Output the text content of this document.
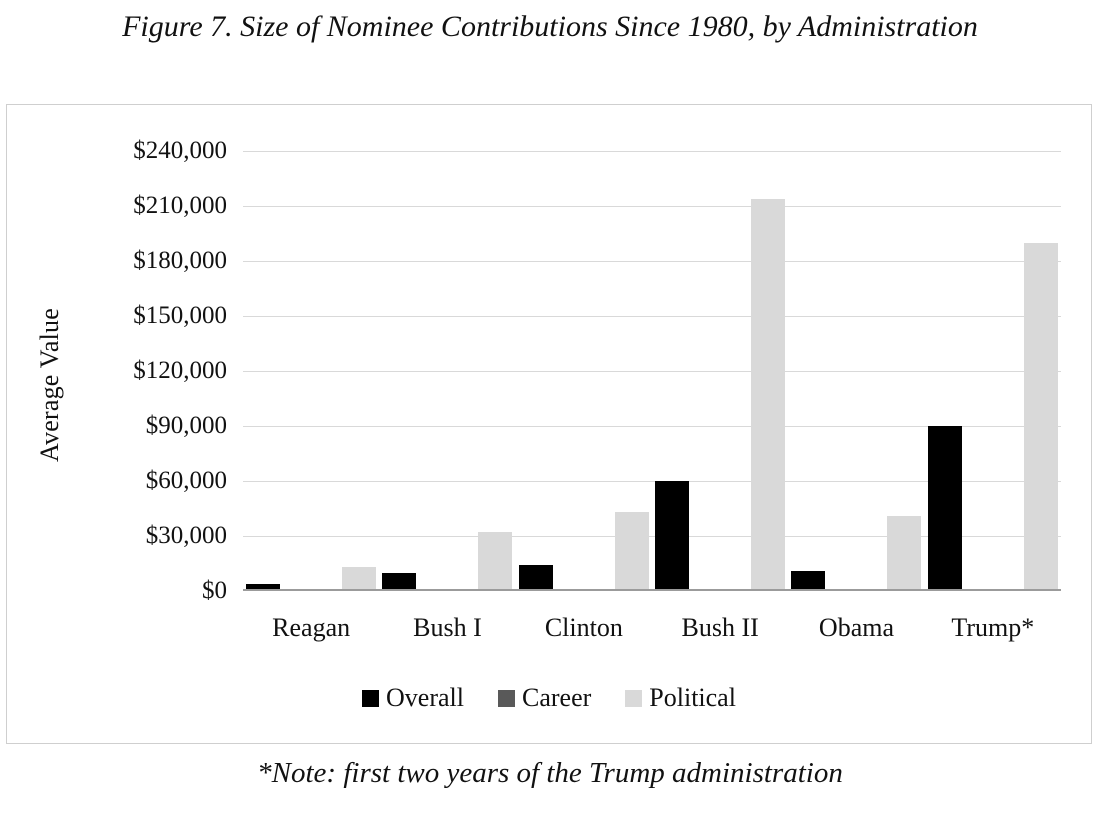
Figure 7. Size of Nominee Contributions Since 1980, by Administration
Average Value
$240,000
$210,000
$180,000
$150,000
$120,000
$90,000
$60,000
$30,000
$0
Reagan	Bush I	Clinton	Bush II	Obama	Trump*
Overall Career Political
*Note: first two years of the Trump administration
